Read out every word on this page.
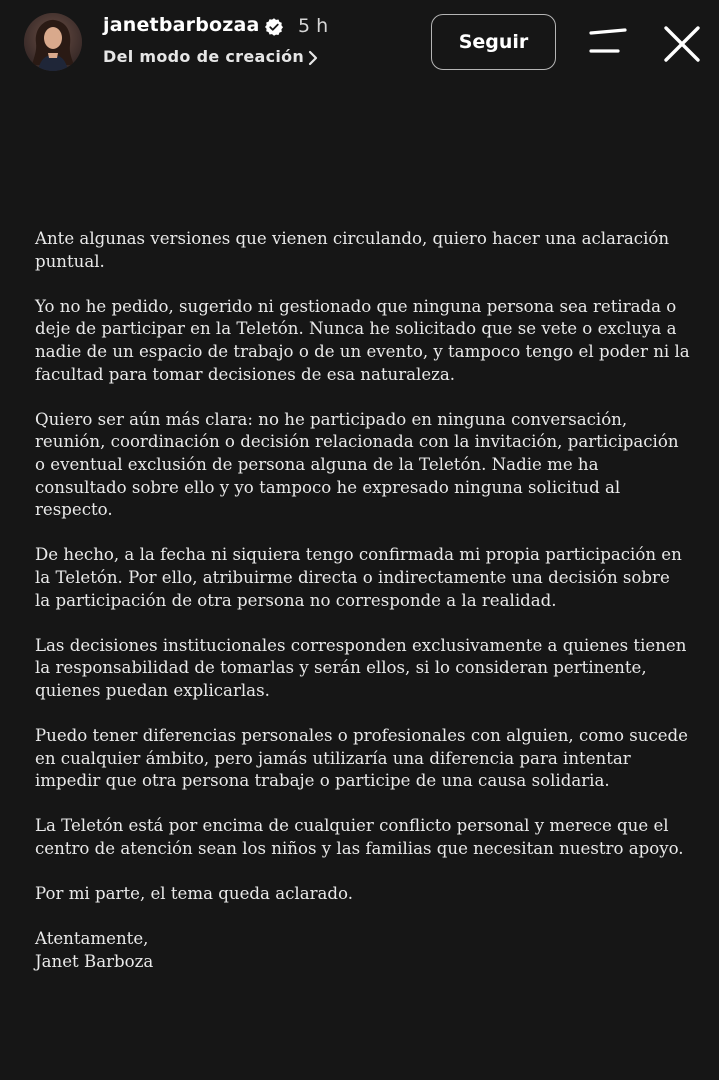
janetbarbozaa 5 h
Del modo de creación
Seguir

Ante algunas versiones que vienen circulando, quiero hacer una aclaración
puntual.

Yo no he pedido, sugerido ni gestionado que ninguna persona sea retirada o
deje de participar en la Teletón. Nunca he solicitado que se vete o excluya a
nadie de un espacio de trabajo o de un evento, y tampoco tengo el poder ni la
facultad para tomar decisiones de esa naturaleza.

Quiero ser aún más clara: no he participado en ninguna conversación,
reunión, coordinación o decisión relacionada con la invitación, participación
o eventual exclusión de persona alguna de la Teletón. Nadie me ha
consultado sobre ello y yo tampoco he expresado ninguna solicitud al
respecto.

De hecho, a la fecha ni siquiera tengo confirmada mi propia participación en
la Teletón. Por ello, atribuirme directa o indirectamente una decisión sobre
la participación de otra persona no corresponde a la realidad.

Las decisiones institucionales corresponden exclusivamente a quienes tienen
la responsabilidad de tomarlas y serán ellos, si lo consideran pertinente,
quienes puedan explicarlas.

Puedo tener diferencias personales o profesionales con alguien, como sucede
en cualquier ámbito, pero jamás utilizaría una diferencia para intentar
impedir que otra persona trabaje o participe de una causa solidaria.

La Teletón está por encima de cualquier conflicto personal y merece que el
centro de atención sean los niños y las familias que necesitan nuestro apoyo.

Por mi parte, el tema queda aclarado.

Atentamente,
Janet Barboza
